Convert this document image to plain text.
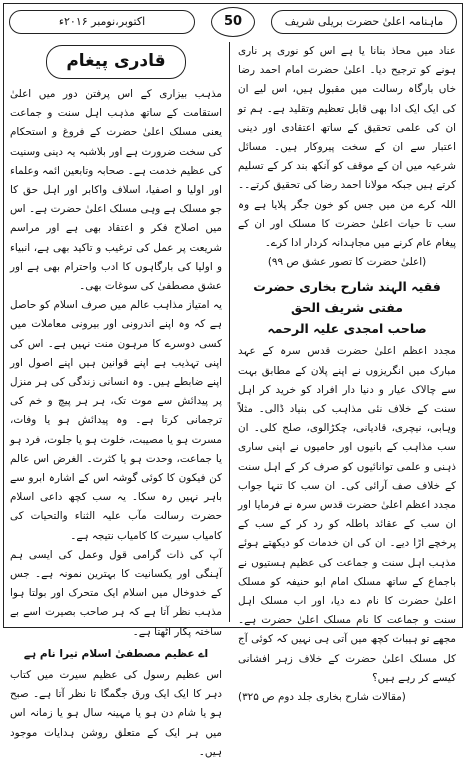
اکتوبر،نومبر ۲۰۱۶ء	50	ماہنامہ اعلیٰ حضرت بریلی شریف

عناد میں محاذ بنانا یا ہے اس کو نوری پر ناری ہونے کو ترجیح دیا۔ اعلیٰ حضرت امام احمد رضا خاں بارگاہ رسالت میں مقبول ہیں، اس لیے ان کی ایک ایک ادا بھی قابل تعظیم وتقلید ہے۔ ہم تو ان کی علمی تحقیق کے ساتھ اعتقادی اور دینی اعتبار سے ان کے سخت پیروکار ہیں۔ مسائل شرعیہ میں ان کے موقف کو آنکھ بند کر کے تسلیم کرتے ہیں جبکہ مولانا احمد رضا کی تحقیق کرتے۔۔ اللہ کرے من میں جس کو خون جگر پلایا ہے وہ سب تا حیات اعلیٰ حضرت کا مسلک اور ان کے پیغام عام کرنے میں مجاہدانہ کردار ادا کرے۔

(اعلیٰ حضرت کا تصور عشق ص ۹۹)

فقیہ الہند شارح بخاری حضرت مفتی شریف الحق
صاحب امجدی علیہ الرحمہ

مجدد اعظم اعلیٰ حضرت قدس سرہ کے عہد مبارک میں انگریزوں نے اپنے پلان کے مطابق بہت سے چالاک عیار و دنیا دار افراد کو خرید کر اہل سنت کے خلاف نئی مذاہب کی بنیاد ڈالی۔ مثلاً وہابی، نیچری، قادیانی، چکڑالوی، صلح کلی۔ ان سب مذاہب کے بانیوں اور حامیوں نے اپنی ساری ذہنی و علمی توانائیوں کو صرف کر کے اہل سنت کے خلاف صف آرائی کی۔ ان سب کا تنہا جواب مجدد اعظم اعلیٰ حضرت قدس سرہ نے فرمایا اور ان سب کے عقائد باطلہ کو رد کر کے سب کے پرخچے اڑا دیے۔ ان کی ان خدمات کو دیکھتے ہوئے مذہب اہل سنت و جماعت کی عظیم ہستیوں نے باجماع کے ساتھ مسلک امام ابو حنیفہ کو مسلک اعلیٰ حضرت کا نام دے دیا، اور اب مسلک اہل سنت و جماعت کا نام مسلک اعلیٰ حضرت ہے۔ مجھے تو ہیبات کچھ میں آتی ہی نہیں کہ کوئی آج کل مسلک اعلیٰ حضرت کے خلاف زہر افشانی کیسے کر رہے ہیں؟

(مقالات شارح بخاری جلد دوم ص ۳۲۵)

قادری پیغام

مذہب بیزاری کے اس پرفتن دور میں اعلیٰ استقامت کے ساتھ مذہب اہل سنت و جماعت یعنی مسلک اعلیٰ حضرت کے فروغ و استحکام کی سخت ضرورت ہے اور بلاشبہ یہ دینی وسنیت کی عظیم خدمت ہے۔ صحابہ وتابعین ائمہ وعلماء اور اولیا و اصفیا، اسلاف واکابر اور اہل حق کا جو مسلک ہے وہی مسلک اعلیٰ حضرت ہے۔ اس میں اصلاح فکر و اعتقاد بھی ہے اور مراسم شریعت پر عمل کی ترغیب و تاکید بھی ہے، انبیاء و اولیا کی بارگاہوں کا ادب واحترام بھی ہے اور عشق مصطفیٰ کی سوغات بھی۔

یہ امتیاز مذاہب عالم میں صرف اسلام کو حاصل ہے کہ وہ اپنے اندرونی اور بیرونی معاملات میں کسی دوسرے کا مرہون منت نہیں ہے۔ اس کی اپنی تہذیب ہے اپنے قوانین ہیں اپنے اصول اور اپنے ضابطے ہیں۔ وہ انسانی زندگی کی ہر منزل پر پیدائش سے موت تک، ہر ہر پیچ و خم کی ترجمانی کرتا ہے۔ وہ پیدائش ہو یا وفات، مسرت ہو یا مصیبت، خلوت ہو یا جلوت، فرد ہو یا جماعت، وحدت ہو یا کثرت۔ الغرض اس عالم کن فیکون کا کوئی گوشہ اس کے اشارہ ابرو سے باہر نہیں رہ سکا۔ یہ سب کچھ داعی اسلام حضرت رسالت مآب علیہ الثناء والتحیات کی کامیاب سیرت کا کامیاب نتیجہ ہے۔

آپ کی ذات گرامی قول وعمل کی ایسی ہم آہنگی اور یکسانیت کا بہترین نمونہ ہے۔ جس کے خدوخال میں اسلام ایک متحرک اور بولتا ہوا مذہب نظر آتا ہے کہ ہر صاحب بصیرت اسے بے ساختہ پکار اٹھتا ہے۔

اے عظیم مصطفیٰ اسلام تیرا نام ہے

اس عظیم رسول کی عظیم سیرت میں کتاب دہر کا ایک ایک ورق جگمگا تا نظر آتا ہے۔ صبح ہو یا شام دن ہو یا مہینہ سال ہو یا زمانہ اس میں ہر ایک کے متعلق روشن ہدایات موجود ہیں۔
